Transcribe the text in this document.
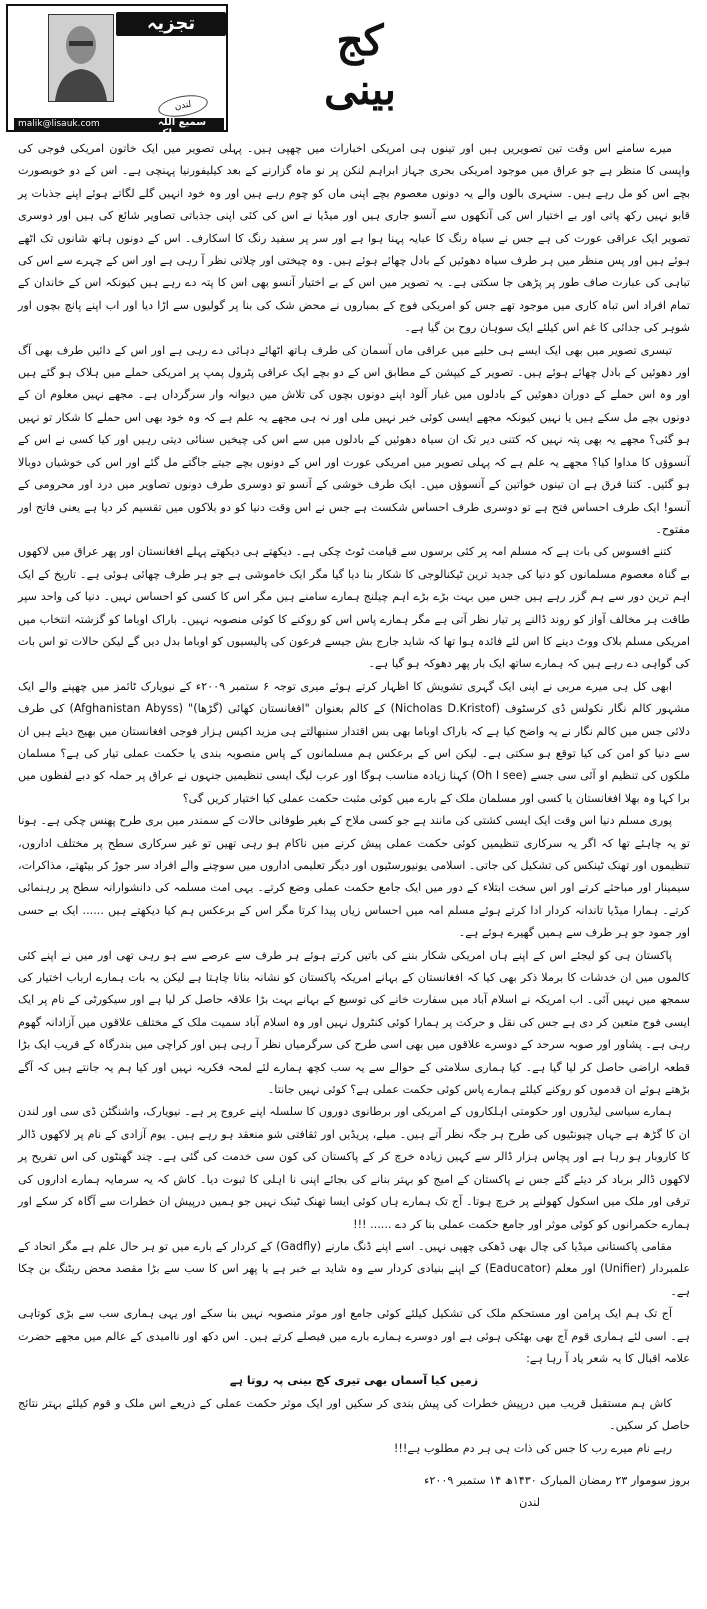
تجزیہ
لندن
malik@lisauk.com	سمیع اللہ ملک
کج بینی

میرے سامنے اس وقت تین تصویریں ہیں اور تینوں ہی امریکی اخبارات میں چھپی ہیں۔ پہلی تصویر میں ایک خاتون امریکی فوجی کی واپسی کا منظر ہے جو عراق میں موجود امریکی بحری جہاز ابراہم لنکن پر نو ماہ گزارنے کے بعد کیلیفورنیا پہنچی ہے۔ اس کے دو خوبصورت بچے اس کو مل رہے ہیں۔ سنہری بالوں والے یہ دونوں معصوم بچے اپنی ماں کو چوم رہے ہیں اور وہ خود انہیں گلے لگاتے ہوئے اپنے جذبات پر قابو نہیں رکھ پاتی اور بے اختیار اس کی آنکھوں سے آنسو جاری ہیں اور میڈیا نے اس کی کئی اپنی جذباتی تصاویر شائع کی ہیں اور دوسری تصویر ایک عراقی عورت کی ہے جس نے سیاہ رنگ کا عبایہ پہنا ہوا ہے اور سر پر سفید رنگ کا اسکارف۔ اس کے دونوں ہاتھ شانوں تک اٹھے ہوئے ہیں اور پس منظر میں ہر طرف سیاہ دھوئیں کے بادل چھائے ہوئے ہیں۔ وہ چیختی اور چلاتی نظر آ رہی ہے اور اس کے چہرے سے اس کی تباہی کی عبارت صاف طور پر پڑھی جا سکتی ہے۔ یہ تصویر میں اس کے بے اختیار آنسو بھی اس کا پتہ دے رہے ہیں کیونکہ اس کے خاندان کے تمام افراد اس تباہ کاری میں موجود تھے جس کو امریکی فوج کے بمباروں نے محض شک کی بنا پر گولیوں سے اڑا دیا اور اب اپنے پانچ بچوں اور شوہر کی جدائی کا غم اس کیلئے ایک سوہان روح بن گیا ہے۔

تیسری تصویر میں بھی ایک ایسے ہی حلیے میں عراقی ماں آسمان کی طرف ہاتھ اٹھائے دہائی دے رہی ہے اور اس کے دائیں طرف بھی آگ اور دھوئیں کے بادل چھائے ہوئے ہیں۔ تصویر کے کیپشن کے مطابق اس کے دو بچے ایک عراقی پٹرول پمپ پر امریکی حملے میں ہلاک ہو گئے ہیں اور وہ اس حملے کے دوران دھوئیں کے بادلوں میں غبار آلود اپنے دونوں بچوں کی تلاش میں دیوانہ وار سرگرداں ہے۔ مجھے نہیں معلوم ان کے دونوں بچے مل سکے ہیں یا نہیں کیونکہ مجھے ایسی کوئی خبر نہیں ملی اور نہ ہی مجھے یہ علم ہے کہ وہ خود بھی اس حملے کا شکار تو نہیں ہو گئی؟ مجھے یہ بھی پتہ نہیں کہ کتنی دیر تک ان سیاہ دھوئیں کے بادلوں میں سے اس کی چیخیں سنائی دیتی رہیں اور کیا کسی نے اس کے آنسوؤں کا مداوا کیا؟ مجھے یہ علم ہے کہ پہلی تصویر میں امریکی عورت اور اس کے دونوں بچے جیتے جاگتے مل گئے اور اس کی خوشیاں دوبالا ہو گئیں۔ کتنا فرق ہے ان تینوں خواتین کے آنسوؤں میں۔ ایک طرف خوشی کے آنسو تو دوسری طرف دونوں تصاویر میں درد اور محرومی کے آنسو! ایک طرف احساس فتح ہے تو دوسری طرف احساس شکست ہے جس نے اس وقت دنیا کو دو بلاکوں میں تقسیم کر دیا ہے یعنی فاتح اور مفتوح۔

کتنے افسوس کی بات ہے کہ مسلم امہ پر کئی برسوں سے قیامت ٹوٹ چکی ہے۔ دیکھتے ہی دیکھتے پہلے افغانستان اور پھر عراق میں لاکھوں بے گناہ معصوم مسلمانوں کو دنیا کی جدید ترین ٹیکنالوجی کا شکار بنا دیا گیا مگر ایک خاموشی ہے جو ہر طرف چھائی ہوئی ہے۔ تاریخ کے ایک اہم ترین دور سے ہم گزر رہے ہیں جس میں بہت بڑے بڑے اہم چیلنج ہمارے سامنے ہیں مگر اس کا کسی کو احساس نہیں۔ دنیا کی واحد سپر طاقت ہر مخالف آواز کو روند ڈالنے پر تیار نظر آتی ہے مگر ہمارے پاس اس کو روکنے کا کوئی منصوبہ نہیں۔ باراک اوباما کو گزشتہ انتخاب میں امریکی مسلم بلاک ووٹ دینے کا اس لئے فائدہ ہوا تھا کہ شاید جارج بش جیسے فرعون کی پالیسیوں کو اوباما بدل دیں گے لیکن حالات تو اس بات کی گواہی دے رہے ہیں کہ ہمارے ساتھ ایک بار پھر دھوکہ ہو گیا ہے۔

ابھی کل ہی میرے مربی نے اپنی ایک گہری تشویش کا اظہار کرتے ہوئے میری توجہ ۶ ستمبر ۲۰۰۹ء کے نیویارک ٹائمز میں چھپنے والے ایک مشہور کالم نگار نکولس ڈی کرسٹوف (Nicholas D.Kristof) کے کالم بعنوان "افغانستان کھائی (گڑھا)" (Afghanistan Abyss) کی طرف دلائی جس میں کالم نگار نے یہ واضح کیا ہے کہ باراک اوباما بھی بس اقتدار سنبھالتے ہی مزید اکیس ہزار فوجی افغانستان میں بھیج دیئے ہیں ان سے دنیا کو امن کی کیا توقع ہو سکتی ہے۔ لیکن اس کے برعکس ہم مسلمانوں کے پاس منصوبہ بندی یا حکمت عملی تیار کی ہے؟ مسلمان ملکوں کی تنظیم او آئی سی جسے (Oh I see) کہنا زیادہ مناسب ہوگا اور عرب لیگ ایسی تنظیمیں جنہوں نے عراق پر حملہ کو دبے لفظوں میں برا کہا وہ بھلا افغانستان یا کسی اور مسلمان ملک کے بارے میں کوئی مثبت حکمت عملی کیا اختیار کریں گی؟

پوری مسلم دنیا اس وقت ایک ایسی کشتی کی مانند ہے جو کسی ملاح کے بغیر طوفانی حالات کے سمندر میں بری طرح پھنس چکی ہے۔ ہونا تو یہ چاہئے تھا کہ اگر یہ سرکاری تنظیمیں کوئی حکمت عملی پیش کرنے میں ناکام ہو رہی تھیں تو غیر سرکاری سطح پر مختلف اداروں، تنظیموں اور تھنک ٹینکس کی تشکیل کی جاتی۔ اسلامی یونیورسٹیوں اور دیگر تعلیمی اداروں میں سوچنے والے افراد سر جوڑ کر بیٹھتے، مذاکرات، سیمینار اور مباحثے کرتے اور اس سخت ابتلاء کے دور میں ایک جامع حکمت عملی وضع کرتے۔ یہی امت مسلمہ کی دانشوارانہ سطح پر رہنمائی کرتے۔ ہمارا میڈیا تاندانہ کردار ادا کرتے ہوئے مسلم امہ میں احساس زیاں پیدا کرتا مگر اس کے برعکس ہم کیا دیکھتے ہیں ...... ایک بے حسی اور جمود جو ہر طرف سے ہمیں گھیرے ہوئے ہے۔

پاکستان ہی کو لیجئے اس کے اپنے ہاں امریکی شکار بننے کی باتیں کرتے ہوئے ہر طرف سے عرصے سے ہو رہی تھی اور میں نے اپنے کئی کالموں میں ان خدشات کا برملا ذکر بھی کیا کہ افغانستان کے بہانے امریکہ پاکستان کو نشانہ بنانا چاہتا ہے لیکن یہ بات ہمارے ارباب اختیار کی سمجھ میں نہیں آئی۔ اب امریکہ نے اسلام آباد میں سفارت خانے کی توسیع کے بہانے بہت بڑا علاقہ حاصل کر لیا ہے اور سیکورٹی کے نام پر ایک ایسی فوج متعین کر دی ہے جس کی نقل و حرکت پر ہمارا کوئی کنٹرول نہیں اور وہ اسلام آباد سمیت ملک کے مختلف علاقوں میں آزادانہ گھوم رہی ہے۔ پشاور اور صوبہ سرحد کے دوسرے علاقوں میں بھی اسی طرح کی سرگرمیاں نظر آ رہی ہیں اور کراچی میں بندرگاہ کے قریب ایک بڑا قطعہ اراضی حاصل کر لیا گیا ہے۔ کیا ہماری سلامتی کے حوالے سے یہ سب کچھ ہمارے لئے لمحہ فکریہ نہیں اور کیا ہم یہ جانتے ہیں کہ آگے بڑھتے ہوئے ان قدموں کو روکنے کیلئے ہمارے پاس کوئی حکمت عملی ہے؟ کوئی نہیں جانتا۔

ہمارے سیاسی لیڈروں اور حکومتی اہلکاروں کے امریکی اور برطانوی دوروں کا سلسلہ اپنے عروج پر ہے۔ نیویارک، واشنگٹن ڈی سی اور لندن ان کا گڑھ ہے جہاں چیونٹیوں کی طرح ہر جگہ نظر آتے ہیں۔ میلے، پریڈیں اور ثقافتی شو منعقد ہو رہے ہیں۔ یوم آزادی کے نام پر لاکھوں ڈالر کا کاروبار ہو رہا ہے اور پچاس ہزار ڈالر سے کہیں زیادہ خرچ کر کے پاکستان کی کون سی خدمت کی گئی ہے۔ چند گھنٹوں کی اس تفریح پر لاکھوں ڈالر برباد کر دیئے گئے جس نے پاکستان کے امیج کو بہتر بنانے کی بجائے اپنی نا اہلی کا ثبوت دیا۔ کاش کہ یہ سرمایہ ہمارے اداروں کی ترقی اور ملک میں اسکول کھولنے پر خرچ ہوتا۔ آج تک ہمارے ہاں کوئی ایسا تھنک ٹینک نہیں جو ہمیں درپیش ان خطرات سے آگاہ کر سکے اور ہمارے حکمرانوں کو کوئی موثر اور جامع حکمت عملی بنا کر دے ...... !!!

مقامی پاکستانی میڈیا کی چال بھی ڈھکی چھپی نہیں۔ اسے اپنے ڈنگ مارنے (Gadfly) کے کردار کے بارے میں تو ہر حال علم ہے مگر اتحاد کے علمبردار (Unifier) اور معلم (Eaducator) کے اپنے بنیادی کردار سے وہ شاید بے خبر ہے یا پھر اس کا سب سے بڑا مقصد محض ریٹنگ بن چکا ہے۔

آج تک ہم ایک پرامن اور مستحکم ملک کی تشکیل کیلئے کوئی جامع اور موثر منصوبہ نہیں بنا سکے اور یہی ہماری سب سے بڑی کوتاہی ہے۔ اسی لئے ہماری قوم آج بھی بھٹکی ہوئی ہے اور دوسرے ہمارے بارے میں فیصلے کرتے ہیں۔ اس دکھ اور ناامیدی کے عالم میں مجھے حضرت علامہ اقبال کا یہ شعر یاد آ رہا ہے:

زمیں کیا آسماں بھی تیری کج بینی پہ روتا ہے

کاش ہم مستقبل قریب میں درپیش خطرات کی پیش بندی کر سکیں اور ایک موثر حکمت عملی کے ذریعے اس ملک و قوم کیلئے بہتر نتائج حاصل کر سکیں۔

رہے نام میرے رب کا جس کی ذات ہی ہر دم مطلوب ہے!!!

بروز سوموار ۲۳ رمضان المبارک ۱۴۳۰ھ ۱۴ ستمبر ۲۰۰۹ء

لندن
